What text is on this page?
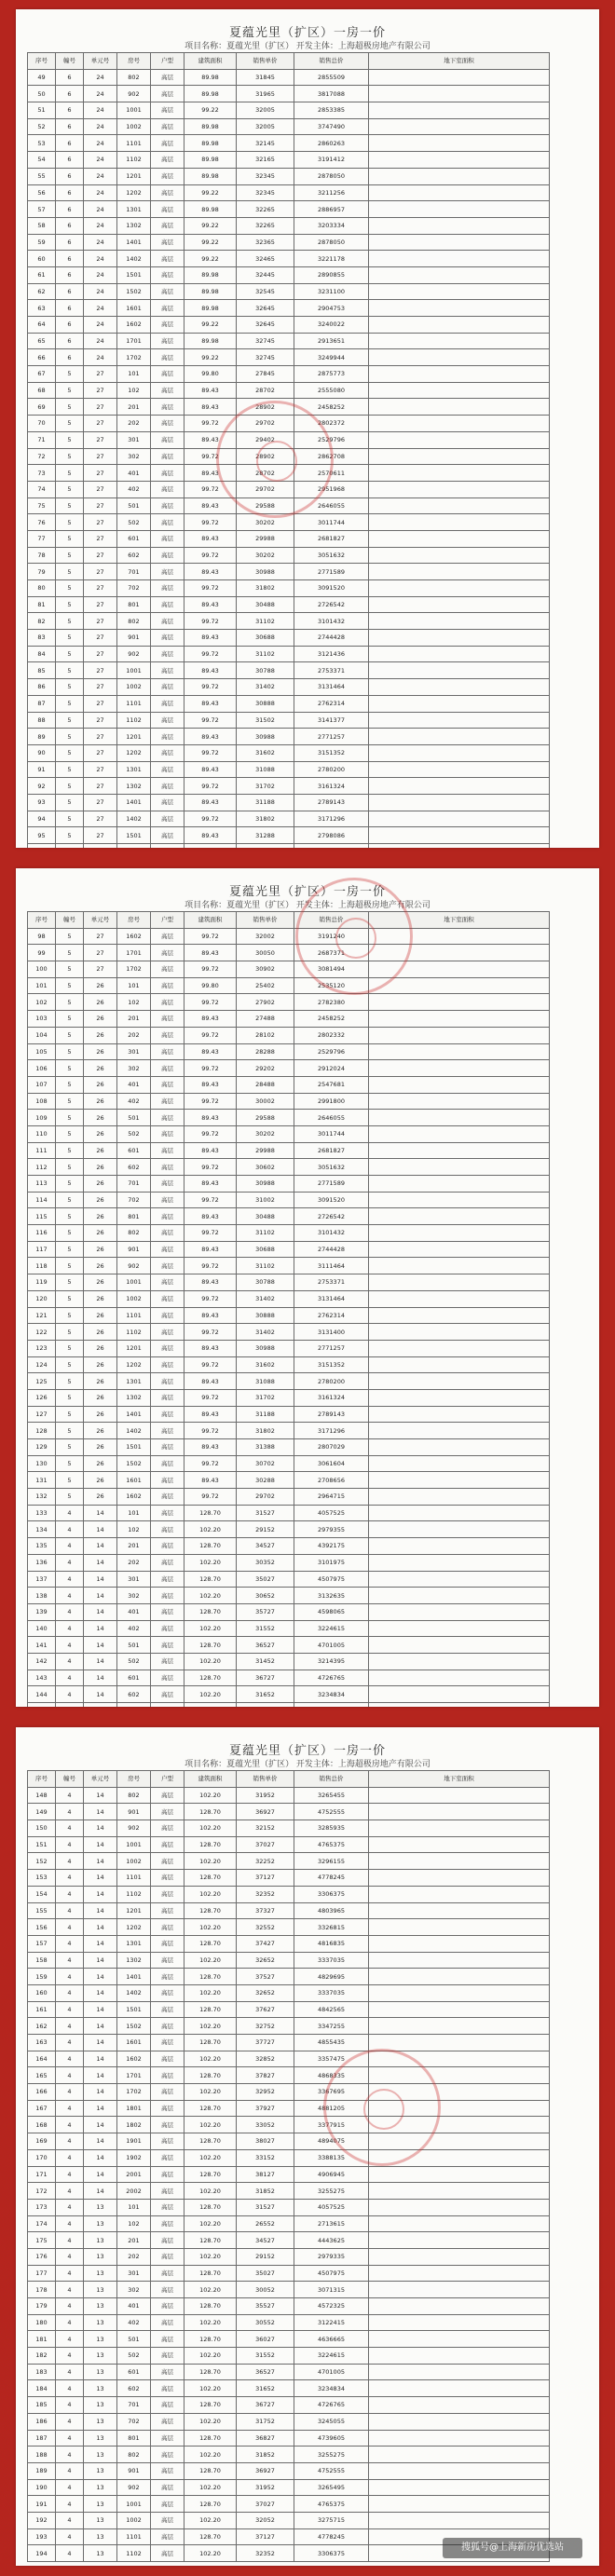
夏蕴光里（扩区）一房一价
项目名称：夏蕴光里（扩区） 开发主体：上海超极房地产有限公司
序号	幢号	单元号	房号	户型	建筑面积	销售单价	销售总价	地下室面积
49	6	24	802	高层	89.98	31845	2855509	
50	6	24	902	高层	89.98	31965	3817088	
51	6	24	1001	高层	99.22	32005	2853385	
52	6	24	1002	高层	89.98	32005	3747490	
53	6	24	1101	高层	89.98	32145	2860263	
54	6	24	1102	高层	89.98	32165	3191412	
55	6	24	1201	高层	89.98	32345	2878050	
56	6	24	1202	高层	99.22	32345	3211256	
57	6	24	1301	高层	89.98	32265	2886957	
58	6	24	1302	高层	99.22	32265	3203334	
59	6	24	1401	高层	99.22	32365	2878050	
60	6	24	1402	高层	99.22	32465	3221178	
61	6	24	1501	高层	89.98	32445	2890855	
62	6	24	1502	高层	89.98	32545	3231100	
63	6	24	1601	高层	89.98	32645	2904753	
64	6	24	1602	高层	99.22	32645	3240022	
65	6	24	1701	高层	89.98	32745	2913651	
66	6	24	1702	高层	99.22	32745	3249944	
67	5	27	101	高层	99.80	27845	2875773	
68	5	27	102	高层	89.43	28702	2555080	
69	5	27	201	高层	89.43	28902	2458252	
70	5	27	202	高层	99.72	29702	2802372	
71	5	27	301	高层	89.43	29402	2529796	
72	5	27	302	高层	99.72	28902	2862708	
73	5	27	401	高层	89.43	28702	2570611	
74	5	27	402	高层	99.72	29702	2951968	
75	5	27	501	高层	89.43	29588	2646055	
76	5	27	502	高层	99.72	30202	3011744	
77	5	27	601	高层	89.43	29988	2681827	
78	5	27	602	高层	99.72	30202	3051632	
79	5	27	701	高层	89.43	30988	2771589	
80	5	27	702	高层	99.72	31802	3091520	
81	5	27	801	高层	89.43	30488	2726542	
82	5	27	802	高层	99.72	31102	3101432	
83	5	27	901	高层	89.43	30688	2744428	
84	5	27	902	高层	99.72	31102	3121436	
85	5	27	1001	高层	89.43	30788	2753371	
86	5	27	1002	高层	99.72	31402	3131464	
87	5	27	1101	高层	89.43	30888	2762314	
88	5	27	1102	高层	99.72	31502	3141377	
89	5	27	1201	高层	89.43	30988	2771257	
90	5	27	1202	高层	99.72	31602	3151352	
91	5	27	1301	高层	89.43	31088	2780200	
92	5	27	1302	高层	99.72	31702	3161324	
93	5	27	1401	高层	89.43	31188	2789143	
94	5	27	1402	高层	99.72	31802	3171296	
95	5	27	1501	高层	89.43	31288	2798086	

夏蕴光里（扩区）一房一价
项目名称：夏蕴光里（扩区） 开发主体：上海超极房地产有限公司
序号	幢号	单元号	房号	户型	建筑面积	销售单价	销售总价	地下室面积
98	5	27	1602	高层	99.72	32002	3191240	
99	5	27	1701	高层	89.43	30050	2687371	
100	5	27	1702	高层	99.72	30902	3081494	
101	5	26	101	高层	99.80	25402	2535120	
102	5	26	102	高层	99.72	27902	2782380	
103	5	26	201	高层	89.43	27488	2458252	
104	5	26	202	高层	99.72	28102	2802332	
105	5	26	301	高层	89.43	28288	2529796	
106	5	26	302	高层	99.72	29202	2912024	
107	5	26	401	高层	89.43	28488	2547681	
108	5	26	402	高层	99.72	30002	2991800	
109	5	26	501	高层	89.43	29588	2646055	
110	5	26	502	高层	99.72	30202	3011744	
111	5	26	601	高层	89.43	29988	2681827	
112	5	26	602	高层	99.72	30602	3051632	
113	5	26	701	高层	89.43	30988	2771589	
114	5	26	702	高层	99.72	31002	3091520	
115	5	26	801	高层	89.43	30488	2726542	
116	5	26	802	高层	99.72	31102	3101432	
117	5	26	901	高层	89.43	30688	2744428	
118	5	26	902	高层	99.72	31102	3111464	
119	5	26	1001	高层	89.43	30788	2753371	
120	5	26	1002	高层	99.72	31402	3131464	
121	5	26	1101	高层	89.43	30888	2762314	
122	5	26	1102	高层	99.72	31402	3131400	
123	5	26	1201	高层	89.43	30988	2771257	
124	5	26	1202	高层	99.72	31602	3151352	
125	5	26	1301	高层	89.43	31088	2780200	
126	5	26	1302	高层	99.72	31702	3161324	
127	5	26	1401	高层	89.43	31188	2789143	
128	5	26	1402	高层	99.72	31802	3171296	
129	5	26	1501	高层	89.43	31388	2807029	
130	5	26	1502	高层	99.72	30702	3061604	
131	5	26	1601	高层	89.43	30288	2708656	
132	5	26	1602	高层	99.72	29702	2964715	
133	4	14	101	高层	128.70	31527	4057525	
134	4	14	102	高层	102.20	29152	2979355	
135	4	14	201	高层	128.70	34527	4392175	
136	4	14	202	高层	102.20	30352	3101975	
137	4	14	301	高层	128.70	35027	4507975	
138	4	14	302	高层	102.20	30652	3132635	
139	4	14	401	高层	128.70	35727	4598065	
140	4	14	402	高层	102.20	31552	3224615	
141	4	14	501	高层	128.70	36527	4701005	
142	4	14	502	高层	102.20	31452	3214395	
143	4	14	601	高层	128.70	36727	4726765	
144	4	14	602	高层	102.20	31652	3234834	

夏蕴光里（扩区）一房一价
项目名称：夏蕴光里（扩区） 开发主体：上海超极房地产有限公司
序号	幢号	单元号	房号	户型	建筑面积	销售单价	销售总价	地下室面积
148	4	14	802	高层	102.20	31952	3265455	
149	4	14	901	高层	128.70	36927	4752555	
150	4	14	902	高层	102.20	32152	3285935	
151	4	14	1001	高层	128.70	37027	4765375	
152	4	14	1002	高层	102.20	32252	3296155	
153	4	14	1101	高层	128.70	37127	4778245	
154	4	14	1102	高层	102.20	32352	3306375	
155	4	14	1201	高层	128.70	37327	4803965	
156	4	14	1202	高层	102.20	32552	3326815	
157	4	14	1301	高层	128.70	37427	4816835	
158	4	14	1302	高层	102.20	32652	3337035	
159	4	14	1401	高层	128.70	37527	4829695	
160	4	14	1402	高层	102.20	32652	3337035	
161	4	14	1501	高层	128.70	37627	4842565	
162	4	14	1502	高层	102.20	32752	3347255	
163	4	14	1601	高层	128.70	37727	4855435	
164	4	14	1602	高层	102.20	32852	3357475	
165	4	14	1701	高层	128.70	37827	4868335	
166	4	14	1702	高层	102.20	32952	3367695	
167	4	14	1801	高层	128.70	37927	4881205	
168	4	14	1802	高层	102.20	33052	3377915	
169	4	14	1901	高层	128.70	38027	4894075	
170	4	14	1902	高层	102.20	33152	3388135	
171	4	14	2001	高层	128.70	38127	4906945	
172	4	14	2002	高层	102.20	31852	3255275	
173	4	13	101	高层	128.70	31527	4057525	
174	4	13	102	高层	102.20	26552	2713615	
175	4	13	201	高层	128.70	34527	4443625	
176	4	13	202	高层	102.20	29152	2979335	
177	4	13	301	高层	128.70	35027	4507975	
178	4	13	302	高层	102.20	30052	3071315	
179	4	13	401	高层	128.70	35527	4572325	
180	4	13	402	高层	102.20	30552	3122415	
181	4	13	501	高层	128.70	36027	4636665	
182	4	13	502	高层	102.20	31552	3224615	
183	4	13	601	高层	128.70	36527	4701005	
184	4	13	602	高层	102.20	31652	3234834	
185	4	13	701	高层	128.70	36727	4726765	
186	4	13	702	高层	102.20	31752	3245055	
187	4	13	801	高层	128.70	36827	4739605	
188	4	13	802	高层	102.20	31852	3255275	
189	4	13	901	高层	128.70	36927	4752555	
190	4	13	902	高层	102.20	31952	3265495	
191	4	13	1001	高层	128.70	37027	4765375	
192	4	13	1002	高层	102.20	32052	3275715	
193	4	13	1101	高层	128.70	37127	4778245	
194	4	13	1102	高层	102.20	32352	3306375	
搜狐号@上海新房优选站
